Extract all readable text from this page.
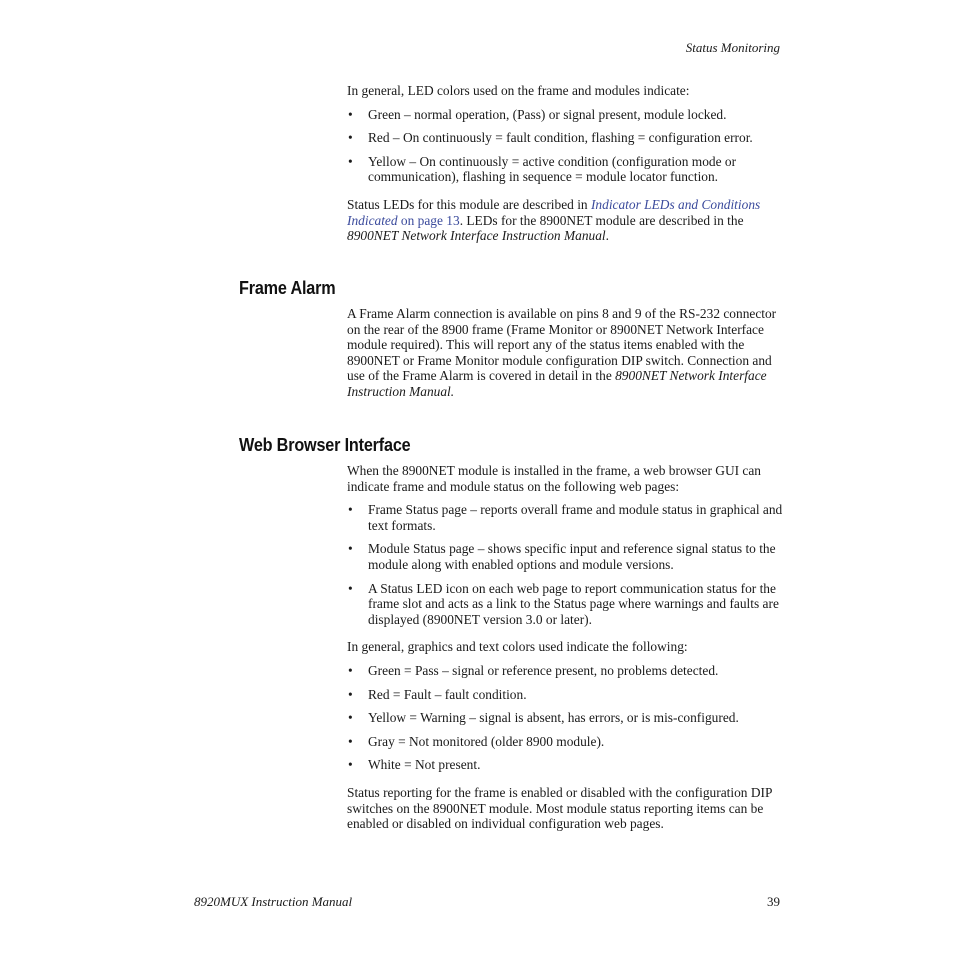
Status Monitoring

In general, LED colors used on the frame and modules indicate:

• Green – normal operation, (Pass) or signal present, module locked.
• Red – On continuously = fault condition, flashing = configuration error.
• Yellow – On continuously = active condition (configuration mode or communication), flashing in sequence = module locator function.

Status LEDs for this module are described in Indicator LEDs and Conditions Indicated on page 13. LEDs for the 8900NET module are described in the 8900NET Network Interface Instruction Manual.

Frame Alarm

A Frame Alarm connection is available on pins 8 and 9 of the RS-232 connector on the rear of the 8900 frame (Frame Monitor or 8900NET Network Interface module required). This will report any of the status items enabled with the 8900NET or Frame Monitor module configuration DIP switch. Connection and use of the Frame Alarm is covered in detail in the 8900NET Network Interface Instruction Manual.

Web Browser Interface

When the 8900NET module is installed in the frame, a web browser GUI can indicate frame and module status on the following web pages:

• Frame Status page – reports overall frame and module status in graphical and text formats.
• Module Status page – shows specific input and reference signal status to the module along with enabled options and module versions.
• A Status LED icon on each web page to report communication status for the frame slot and acts as a link to the Status page where warnings and faults are displayed (8900NET version 3.0 or later).

In general, graphics and text colors used indicate the following:

• Green = Pass – signal or reference present, no problems detected.
• Red = Fault – fault condition.
• Yellow = Warning – signal is absent, has errors, or is mis-configured.
• Gray = Not monitored (older 8900 module).
• White = Not present.

Status reporting for the frame is enabled or disabled with the configuration DIP switches on the 8900NET module. Most module status reporting items can be enabled or disabled on individual configuration web pages.

8920MUX Instruction Manual	39
